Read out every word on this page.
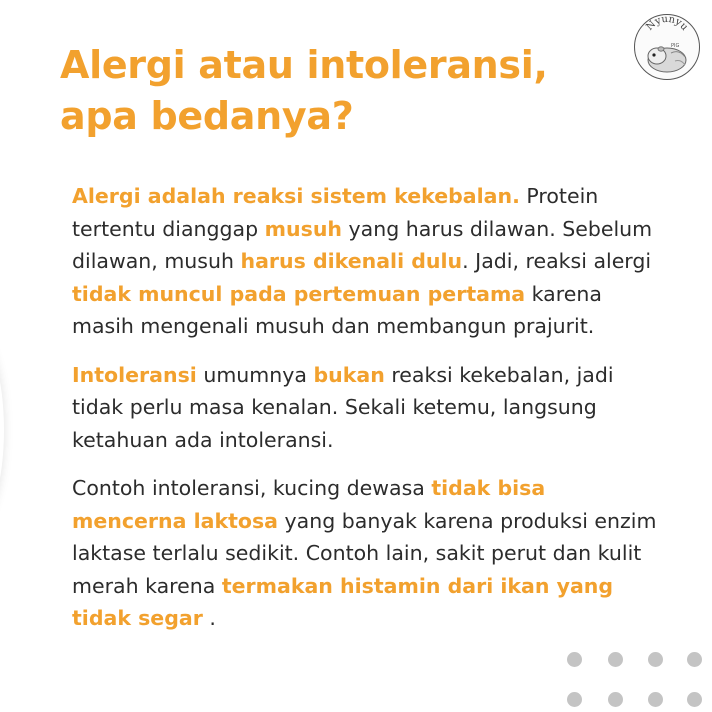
Nyunyu
PIG
Alergi atau intoleransi,
apa bedanya?

Alergi adalah reaksi sistem kekebalan. Protein tertentu dianggap musuh yang harus dilawan. Sebelum dilawan, musuh harus dikenali dulu. Jadi, reaksi alergi tidak muncul pada pertemuan pertama karena masih mengenali musuh dan membangun prajurit.

Intoleransi umumnya bukan reaksi kekebalan, jadi tidak perlu masa kenalan. Sekali ketemu, langsung ketahuan ada intoleransi.

Contoh intoleransi, kucing dewasa tidak bisa mencerna laktosa yang banyak karena produksi enzim laktase terlalu sedikit. Contoh lain, sakit perut dan kulit merah karena termakan histamin dari ikan yang tidak segar .
